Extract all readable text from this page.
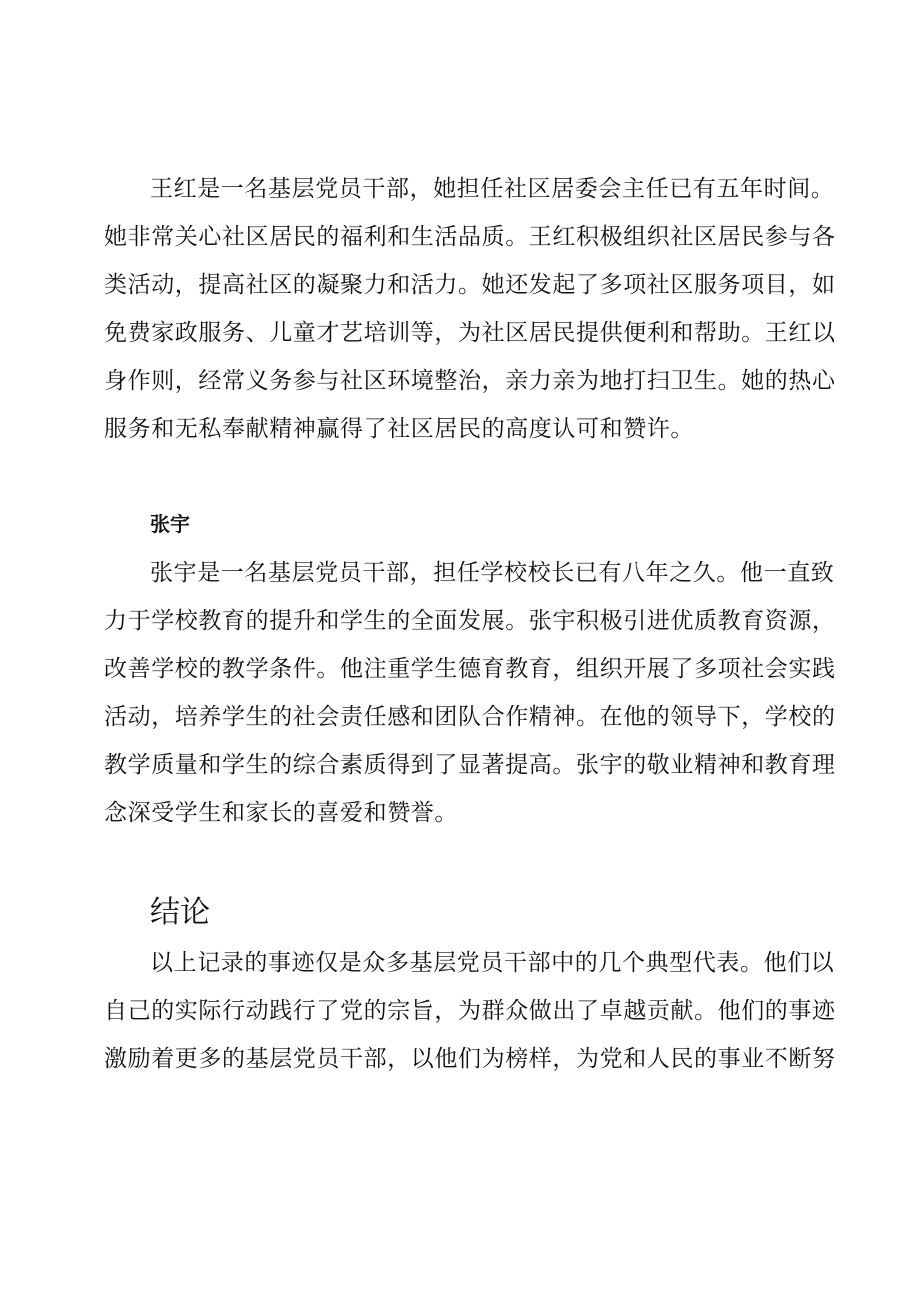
王红是一名基层党员干部，她担任社区居委会主任已有五年时间。
她非常关心社区居民的福利和生活品质。王红积极组织社区居民参与各
类活动，提高社区的凝聚力和活力。她还发起了多项社区服务项目，如
免费家政服务、儿童才艺培训等，为社区居民提供便利和帮助。王红以
身作则，经常义务参与社区环境整治，亲力亲为地打扫卫生。她的热心
服务和无私奉献精神赢得了社区居民的高度认可和赞许。
张宇
张宇是一名基层党员干部，担任学校校长已有八年之久。他一直致
力于学校教育的提升和学生的全面发展。张宇积极引进优质教育资源，
改善学校的教学条件。他注重学生德育教育，组织开展了多项社会实践
活动，培养学生的社会责任感和团队合作精神。在他的领导下，学校的
教学质量和学生的综合素质得到了显著提高。张宇的敬业精神和教育理
念深受学生和家长的喜爱和赞誉。
结论
以上记录的事迹仅是众多基层党员干部中的几个典型代表。他们以
自己的实际行动践行了党的宗旨，为群众做出了卓越贡献。他们的事迹
激励着更多的基层党员干部，以他们为榜样，为党和人民的事业不断努
